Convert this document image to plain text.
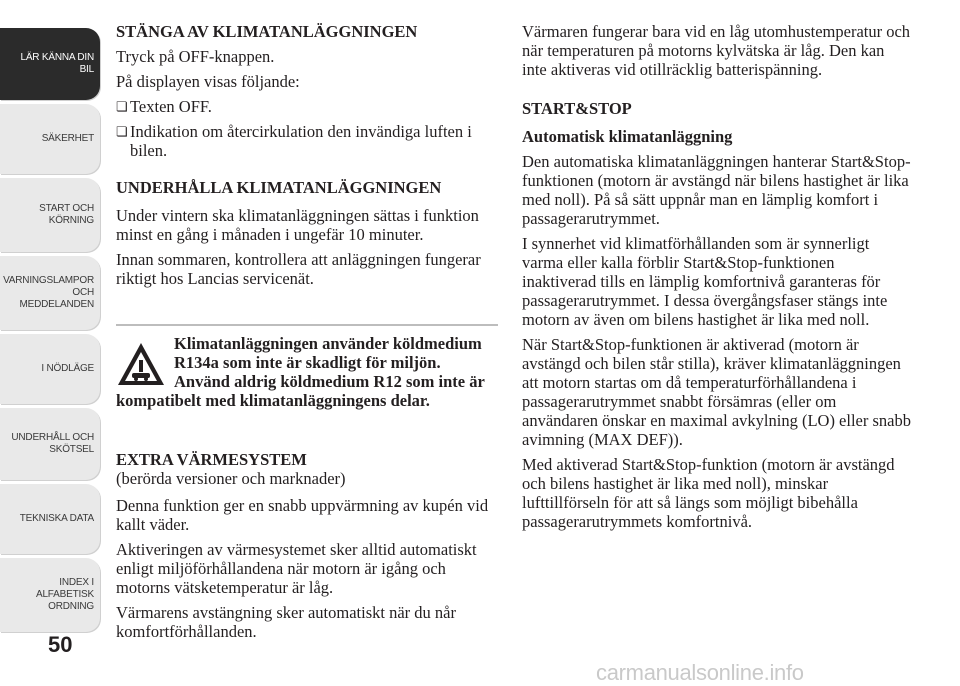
LÄR KÄNNA DIN
BIL
SÄKERHET
START OCH
KÖRNING
VARNINGSLAMPOR
OCH
MEDDELANDEN
I NÖDLÄGE
UNDERHÅLL OCH
SKÖTSEL
TEKNISKA DATA
INDEX I
ALFABETISK
ORDNING
50
STÄNGA AV KLIMATANLÄGGNINGEN

Tryck på OFF-knappen.

På displayen visas följande:

❏ Texten OFF.
❏ Indikation om återcirkulation den invändiga luften i bilen.
UNDERHÅLLA KLIMATANLÄGGNINGEN

Under vintern ska klimatanläggningen sättas i funktion minst en gång i månaden i ungefär 10 minuter.

Innan sommaren, kontrollera att anläggningen fungerar riktigt hos Lancias servicenät.

Klimatanläggningen använder köldmedium R134a som inte är skadligt för miljön. Använd aldrig köldmedium R12 som inte är kompatibelt med klimatanläggningens delar.
EXTRA VÄRMESYSTEM

(berörda versioner och marknader)

Denna funktion ger en snabb uppvärmning av kupén vid kallt väder.

Aktiveringen av värmesystemet sker alltid automatiskt enligt miljöförhållandena när motorn är igång och motorns vätsketemperatur är låg.

Värmarens avstängning sker automatiskt när du når komfortförhållanden.

Värmaren fungerar bara vid en låg utomhustemperatur och när temperaturen på motorns kylvätska är låg. Den kan inte aktiveras vid otillräcklig batterispänning.

START&STOP
Automatisk klimatanläggning

Den automatiska klimatanläggningen hanterar Start&Stop-funktionen (motorn är avstängd när bilens hastighet är lika med noll). På så sätt uppnår man en lämplig komfort i passagerarutrymmet.

I synnerhet vid klimatförhållanden som är synnerligt varma eller kalla förblir Start&Stop-funktionen inaktiverad tills en lämplig komfortnivå garanteras för passagerarutrymmet. I dessa övergångsfaser stängs inte motorn av även om bilens hastighet är lika med noll.

När Start&Stop-funktionen är aktiverad (motorn är avstängd och bilen står stilla), kräver klimatanläggningen att motorn startas om då temperaturförhållandena i passagerarutrymmet snabbt försämras (eller om användaren önskar en maximal avkylning (LO) eller snabb avimning (MAX DEF)).

Med aktiverad Start&Stop-funktion (motorn är avstängd och bilens hastighet är lika med noll), minskar lufttillförseln för att så längs som möjligt bibehålla passagerarutrymmets komfortnivå.

carmanualsonline.info
